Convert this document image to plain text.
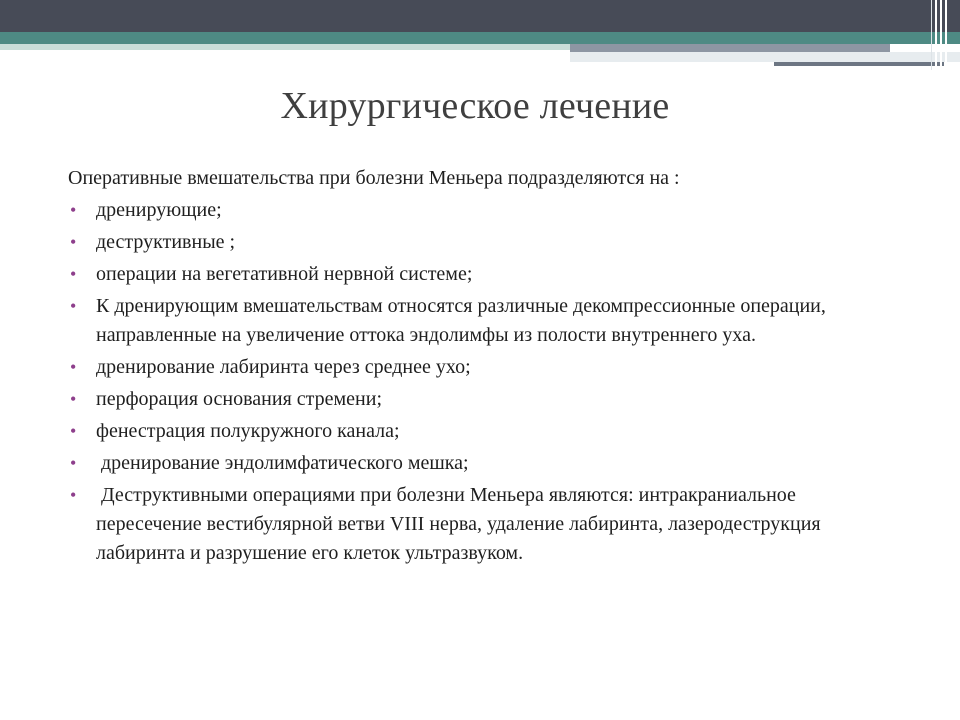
Хирургическое лечение

Оперативные вмешательства при болезни Меньера подразделяются на :

• дренирующие;
• деструктивные ;
• операции на вегетативной нервной системе;
• К дренирующим вмешательствам относятся различные декомпрессионные операции, направленные на увеличение оттока эндолимфы из полости внутреннего уха.
• дренирование лабиринта через среднее ухо;
• перфорация основания стремени;
• фенестрация полукружного канала;
• дренирование эндолимфатического мешка;
• Деструктивными операциями при болезни Меньера являются: интракраниальное пересечение вестибулярной ветви VIII нерва, удаление лабиринта, лазеродеструкция лабиринта и разрушение его клеток ультразвуком.
